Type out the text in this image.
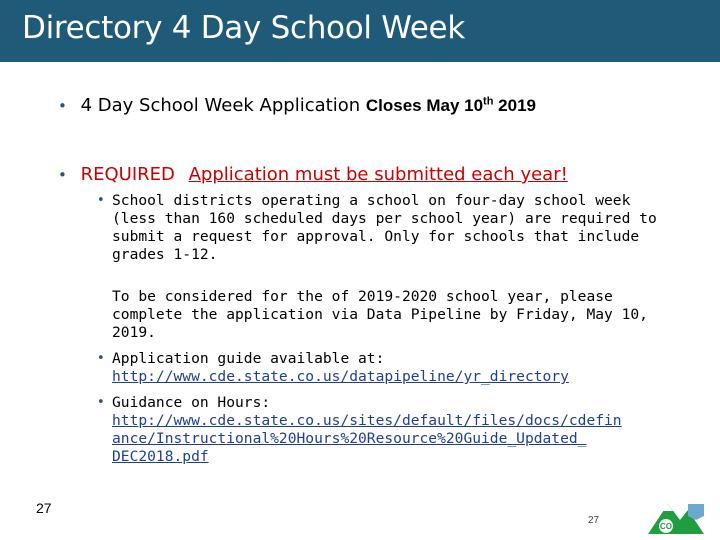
Directory 4 Day School Week
• 4 Day School Week Application Closes May 10th 2019
• REQUIRED Application must be submitted each year!
• School districts operating a school on four-day school week (less than 160 scheduled days per school year) are required to submit a request for approval. Only for schools that include grades 1-12.
To be considered for the of 2019-2020 school year, please complete the application via Data Pipeline by Friday, May 10, 2019.
• Application guide available at:
http://www.cde.state.co.us/datapipeline/yr_directory
• Guidance on Hours:
http://www.cde.state.co.us/sites/default/files/docs/cdefin
ance/Instructional%20Hours%20Resource%20Guide_Updated_
DEC2018.pdf
27
27
CO
